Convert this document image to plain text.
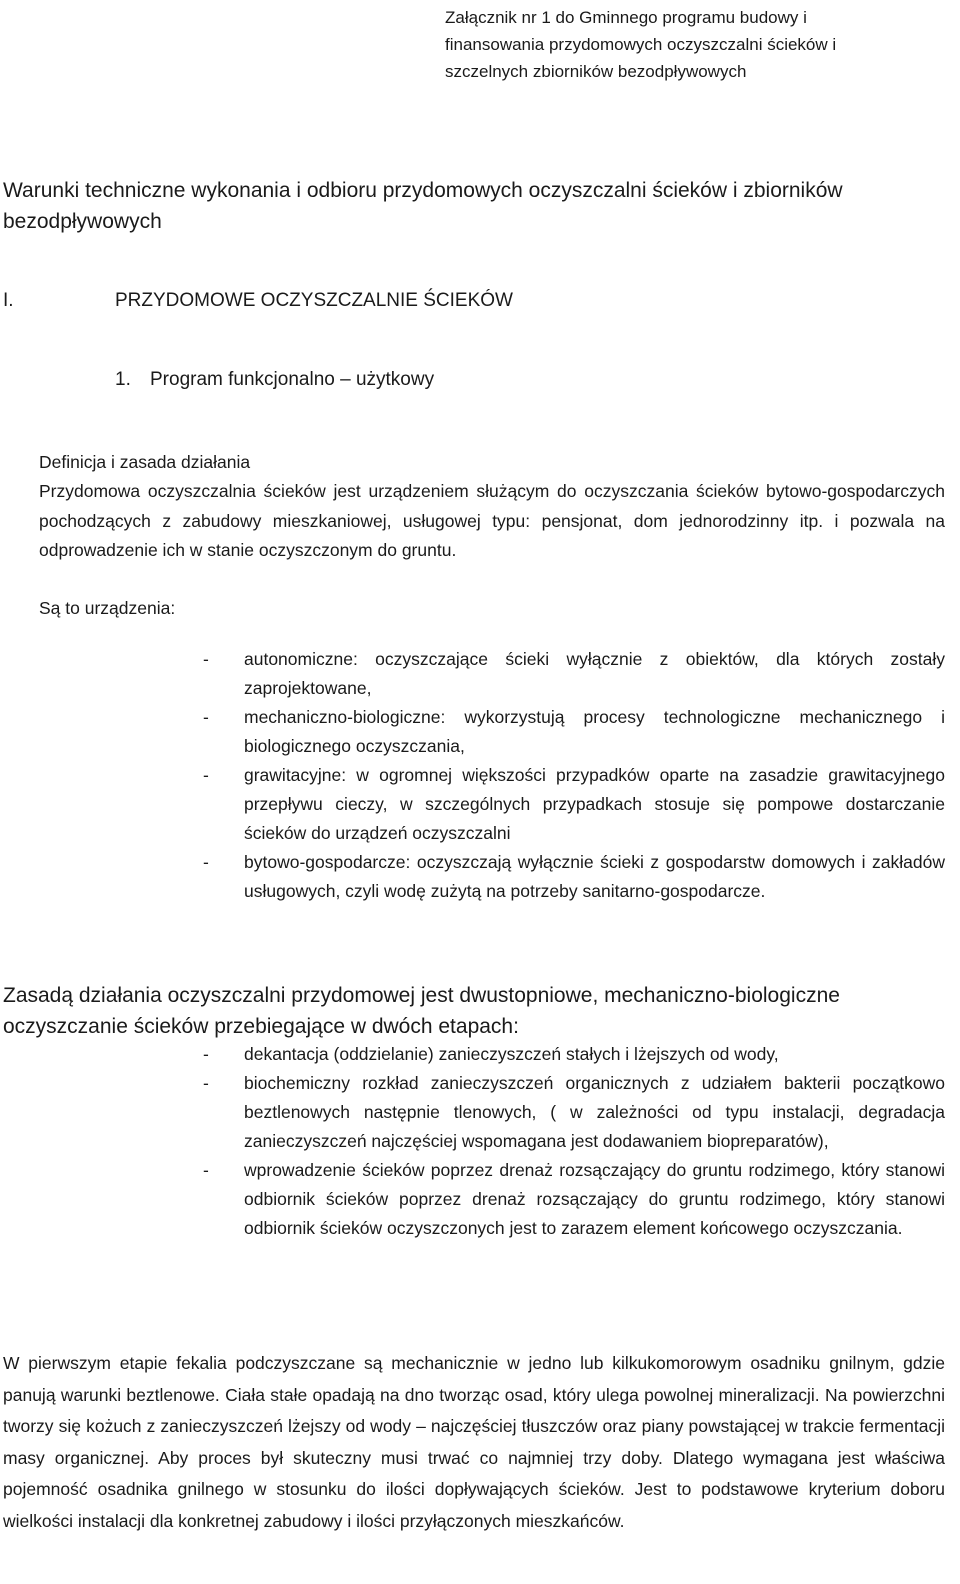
Załącznik nr 1 do Gminnego programu budowy i
finansowania przydomowych oczyszczalni ścieków i
szczelnych zbiorników bezodpływowych
Warunki techniczne wykonania i odbioru przydomowych oczyszczalni ścieków i zbiorników bezodpływowych
I.	PRZYDOMOWE OCZYSZCZALNIE ŚCIEKÓW
1. Program funkcjonalno – użytkowy
Definicja i zasada działania
Przydomowa oczyszczalnia ścieków jest urządzeniem służącym do oczyszczania ścieków bytowo-gospodarczych pochodzących z zabudowy mieszkaniowej, usługowej typu: pensjonat, dom jednorodzinny itp. i pozwala na odprowadzenie ich w stanie oczyszczonym do gruntu.
Są to urządzenia:
- autonomiczne: oczyszczające ścieki wyłącznie z obiektów, dla których zostały zaprojektowane,
- mechaniczno-biologiczne: wykorzystują procesy technologiczne mechanicznego i biologicznego oczyszczania,
- grawitacyjne: w ogromnej większości przypadków oparte na zasadzie grawitacyjnego przepływu cieczy, w szczególnych przypadkach stosuje się pompowe dostarczanie ścieków do urządzeń oczyszczalni
- bytowo-gospodarcze: oczyszczają wyłącznie ścieki z gospodarstw domowych i zakładów usługowych, czyli wodę zużytą na potrzeby sanitarno-gospodarcze.
Zasadą działania oczyszczalni przydomowej jest dwustopniowe, mechaniczno-biologiczne oczyszczanie ścieków przebiegające w dwóch etapach:
- dekantacja (oddzielanie) zanieczyszczeń stałych i lżejszych od wody,
- biochemiczny rozkład zanieczyszczeń organicznych z udziałem bakterii początkowo beztlenowych następnie tlenowych, ( w zależności od typu instalacji, degradacja zanieczyszczeń najczęściej wspomagana jest dodawaniem biopreparatów),
- wprowadzenie ścieków poprzez drenaż rozsączający do gruntu rodzimego, który stanowi odbiornik ścieków poprzez drenaż rozsączający do gruntu rodzimego, który stanowi odbiornik ścieków oczyszczonych jest to zarazem element końcowego oczyszczania.
W pierwszym etapie fekalia podczyszczane są mechanicznie w jedno lub kilkukomorowym osadniku gnilnym, gdzie panują warunki beztlenowe. Ciała stałe opadają na dno tworząc osad, który ulega powolnej mineralizacji. Na powierzchni tworzy się kożuch z zanieczyszczeń lżejszy od wody – najczęściej tłuszczów oraz piany powstającej w trakcie fermentacji masy organicznej. Aby proces był skuteczny musi trwać co najmniej trzy doby. Dlatego wymagana jest właściwa pojemność osadnika gnilnego w stosunku do ilości dopływających ścieków. Jest to podstawowe kryterium doboru wielkości instalacji dla konkretnej zabudowy i ilości przyłączonych mieszkańców.
